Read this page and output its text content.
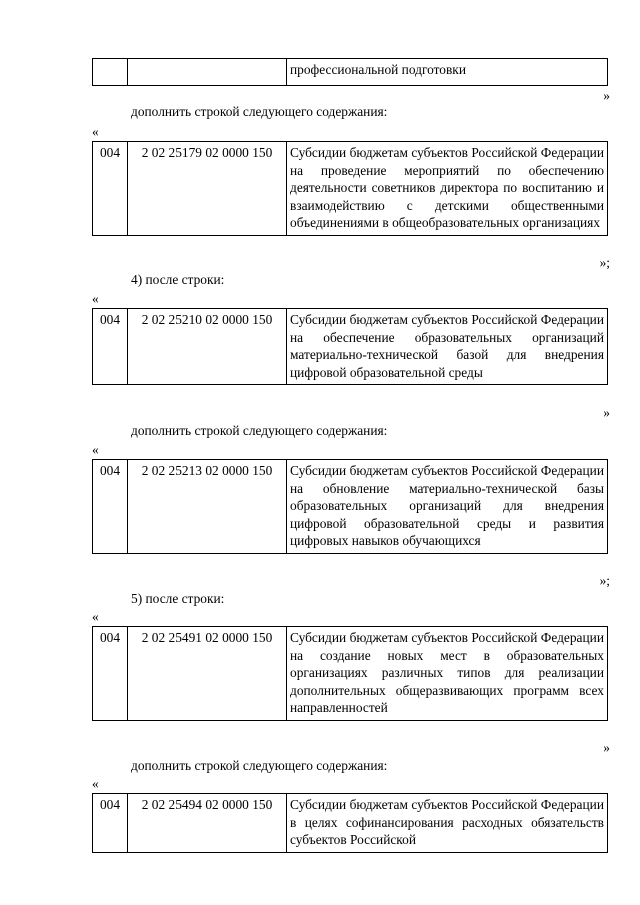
		профессиональной подготовки
»
дополнить строкой следующего содержания:
«
004	2 02 25179 02 0000 150	Субсидии бюджетам субъектов Российской Федерации на проведение мероприятий по обеспечению деятельности советников директора по воспитанию и взаимодействию с детскими общественными объединениями в общеобразовательных организациях
»;
4) после строки:
«
004	2 02 25210 02 0000 150	Субсидии бюджетам субъектов Российской Федерации на обеспечение образовательных организаций материально-технической базой для внедрения цифровой образовательной среды
»
дополнить строкой следующего содержания:
«
004	2 02 25213 02 0000 150	Субсидии бюджетам субъектов Российской Федерации на обновление материально-технической базы образовательных организаций для внедрения цифровой образовательной среды и развития цифровых навыков обучающихся
»;
5) после строки:
«
004	2 02 25491 02 0000 150	Субсидии бюджетам субъектов Российской Федерации на создание новых мест в образовательных организациях различных типов для реализации дополнительных общеразвивающих программ всех направленностей
»
дополнить строкой следующего содержания:
«
004	2 02 25494 02 0000 150	Субсидии бюджетам субъектов Российской Федерации в целях софинансирования расходных обязательств субъектов Российской
